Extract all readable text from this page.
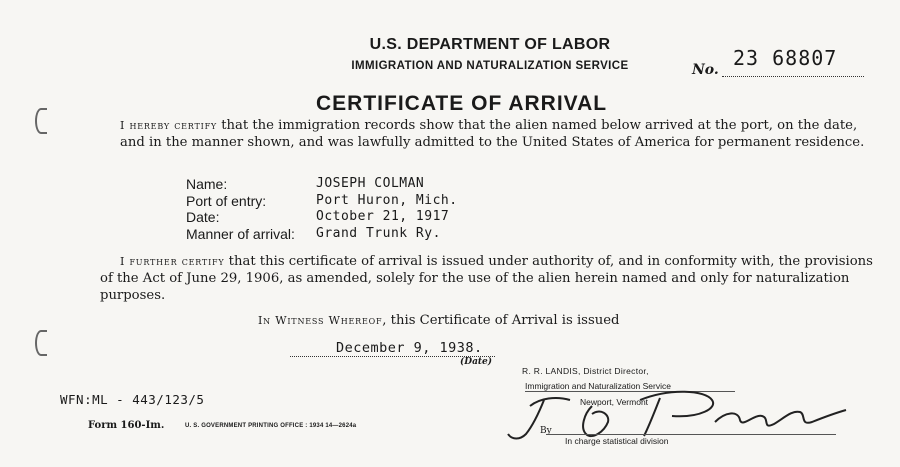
U.S. DEPARTMENT OF LABOR
IMMIGRATION AND NATURALIZATION SERVICE	No. 23 68807
CERTIFICATE OF ARRIVAL
I hereby certify that the immigration records show that the alien named below arrived at the port, on the date, and in the manner shown, and was lawfully admitted to the United States of America for permanent residence.
Name:	JOSEPH COLMAN
Port of entry:	Port Huron, Mich.
Date:	October 21, 1917
Manner of arrival:	Grand Trunk Ry.
I further certify that this certificate of arrival is issued under authority of, and in conformity with, the provisions of the Act of June 29, 1906, as amended, solely for the use of the alien herein named and only for naturalization purposes.
In Witness Whereof, this Certificate of Arrival is issued
December 9, 1938.
(Date)
R. R. LANDIS, District Director,
Immigration and Naturalization Service
Newport, Vermont
By
In charge statistical division
WFN:ML - 443/123/5
Form 160-Im.	U. S. GOVERNMENT PRINTING OFFICE : 1934 14—2624a
